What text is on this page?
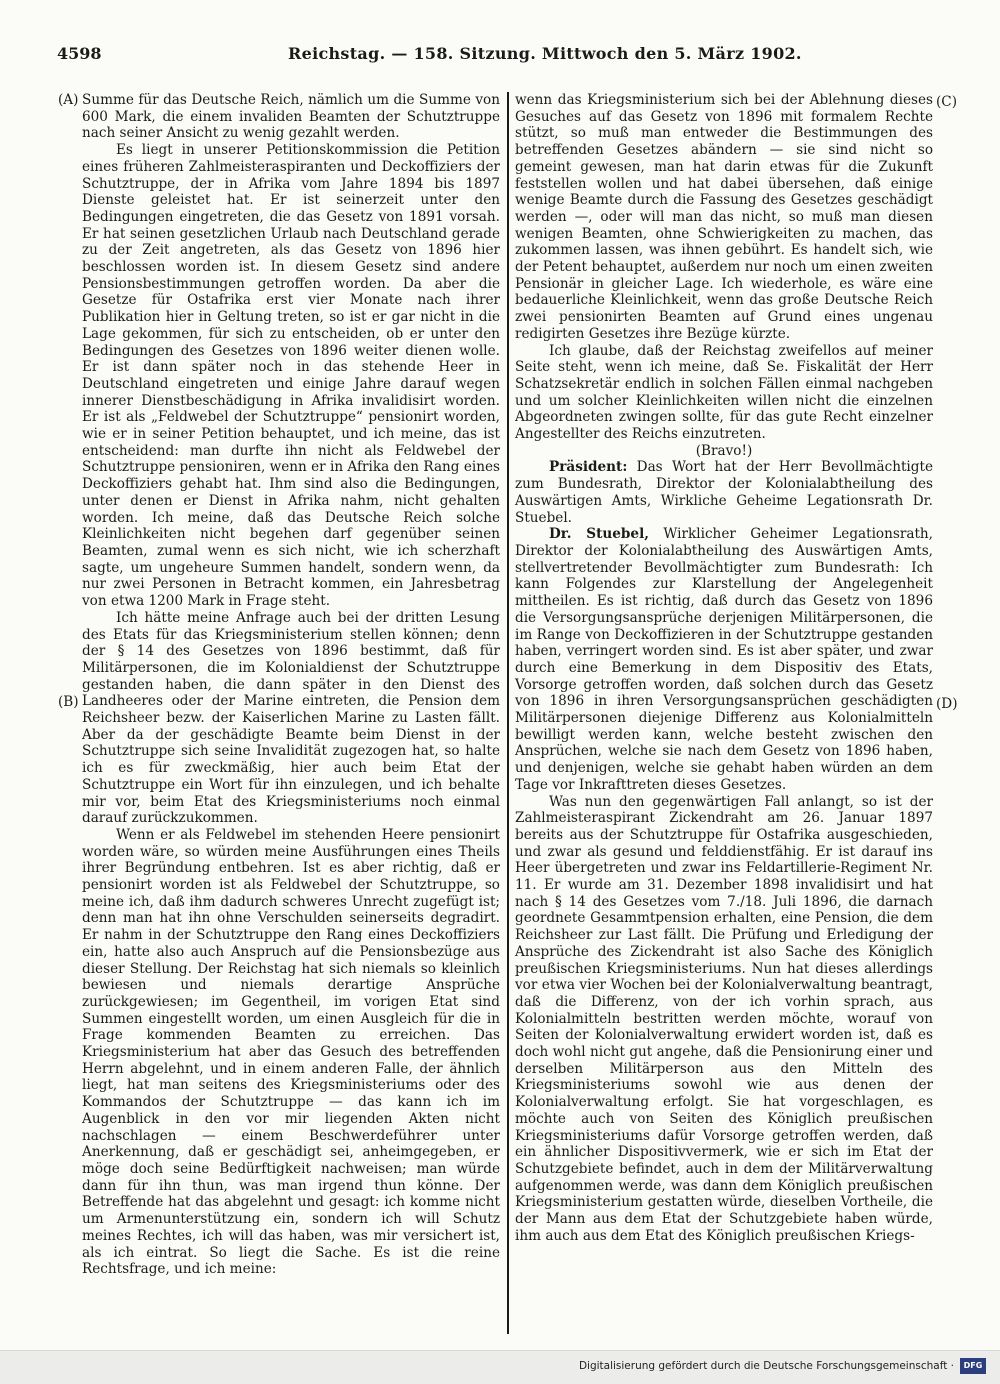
4598	Reichstag. — 158. Sitzung. Mittwoch den 5. März 1902.
(A)
(B)
(C)
(D)

Summe für das Deutsche Reich, nämlich um die Summe von 600 Mark, die einem invaliden Beamten der Schutztruppe nach seiner Ansicht zu wenig gezahlt werden.

Es liegt in unserer Petitionskommission die Petition eines früheren Zahlmeisteraspiranten und Deckoffiziers der Schutztruppe, der in Afrika vom Jahre 1894 bis 1897 Dienste geleistet hat. Er ist seinerzeit unter den Bedingungen eingetreten, die das Gesetz von 1891 vorsah. Er hat seinen gesetzlichen Urlaub nach Deutschland gerade zu der Zeit angetreten, als das Gesetz von 1896 hier beschlossen worden ist. In diesem Gesetz sind andere Pensionsbestimmungen getroffen worden. Da aber die Gesetze für Ostafrika erst vier Monate nach ihrer Publikation hier in Geltung treten, so ist er gar nicht in die Lage gekommen, für sich zu entscheiden, ob er unter den Bedingungen des Gesetzes von 1896 weiter dienen wolle. Er ist dann später noch in das stehende Heer in Deutschland eingetreten und einige Jahre darauf wegen innerer Dienstbeschädigung in Afrika invalidisirt worden. Er ist als „Feldwebel der Schutztruppe“ pensionirt worden, wie er in seiner Petition behauptet, und ich meine, das ist entscheidend: man durfte ihn nicht als Feldwebel der Schutztruppe pensioniren, wenn er in Afrika den Rang eines Deckoffiziers gehabt hat. Ihm sind also die Bedingungen, unter denen er Dienst in Afrika nahm, nicht gehalten worden. Ich meine, daß das Deutsche Reich solche Kleinlichkeiten nicht begehen darf gegenüber seinen Beamten, zumal wenn es sich nicht, wie ich scherzhaft sagte, um ungeheure Summen handelt, sondern wenn, da nur zwei Personen in Betracht kommen, ein Jahresbetrag von etwa 1200 Mark in Frage steht.

Ich hätte meine Anfrage auch bei der dritten Lesung des Etats für das Kriegsministerium stellen können; denn der § 14 des Gesetzes von 1896 bestimmt, daß für Militärpersonen, die im Kolonialdienst der Schutztruppe gestanden haben, die dann später in den Dienst des Landheeres oder der Marine eintreten, die Pension dem Reichsheer bezw. der Kaiserlichen Marine zu Lasten fällt. Aber da der geschädigte Beamte beim Dienst in der Schutztruppe sich seine Invalidität zugezogen hat, so halte ich es für zweckmäßig, hier auch beim Etat der Schutztruppe ein Wort für ihn einzulegen, und ich behalte mir vor, beim Etat des Kriegsministeriums noch einmal darauf zurückzukommen.

Wenn er als Feldwebel im stehenden Heere pensionirt worden wäre, so würden meine Ausführungen eines Theils ihrer Begründung entbehren. Ist es aber richtig, daß er pensionirt worden ist als Feldwebel der Schutztruppe, so meine ich, daß ihm dadurch schweres Unrecht zugefügt ist; denn man hat ihn ohne Verschulden seinerseits degradirt. Er nahm in der Schutztruppe den Rang eines Deckoffiziers ein, hatte also auch Anspruch auf die Pensionsbezüge aus dieser Stellung. Der Reichstag hat sich niemals so kleinlich bewiesen und niemals derartige Ansprüche zurückgewiesen; im Gegentheil, im vorigen Etat sind Summen eingestellt worden, um einen Ausgleich für die in Frage kommenden Beamten zu erreichen. Das Kriegsministerium hat aber das Gesuch des betreffenden Herrn abgelehnt, und in einem anderen Falle, der ähnlich liegt, hat man seitens des Kriegsministeriums oder des Kommandos der Schutztruppe — das kann ich im Augenblick in den vor mir liegenden Akten nicht nachschlagen — einem Beschwerdeführer unter Anerkennung, daß er geschädigt sei, anheimgegeben, er möge doch seine Bedürftigkeit nachweisen; man würde dann für ihn thun, was man irgend thun könne. Der Betreffende hat das abgelehnt und gesagt: ich komme nicht um Armenunterstützung ein, sondern ich will Schutz meines Rechtes, ich will das haben, was mir versichert ist, als ich eintrat. So liegt die Sache. Es ist die reine Rechtsfrage, und ich meine:

wenn das Kriegsministerium sich bei der Ablehnung dieses Gesuches auf das Gesetz von 1896 mit formalem Rechte stützt, so muß man entweder die Bestimmungen des betreffenden Gesetzes abändern — sie sind nicht so gemeint gewesen, man hat darin etwas für die Zukunft feststellen wollen und hat dabei übersehen, daß einige wenige Beamte durch die Fassung des Gesetzes geschädigt werden —, oder will man das nicht, so muß man diesen wenigen Beamten, ohne Schwierigkeiten zu machen, das zukommen lassen, was ihnen gebührt. Es handelt sich, wie der Petent behauptet, außerdem nur noch um einen zweiten Pensionär in gleicher Lage. Ich wiederhole, es wäre eine bedauerliche Kleinlichkeit, wenn das große Deutsche Reich zwei pensionirten Beamten auf Grund eines ungenau redigirten Gesetzes ihre Bezüge kürzte.

Ich glaube, daß der Reichstag zweifellos auf meiner Seite steht, wenn ich meine, daß Se. Fiskalität der Herr Schatzsekretär endlich in solchen Fällen einmal nachgeben und um solcher Kleinlichkeiten willen nicht die einzelnen Abgeordneten zwingen sollte, für das gute Recht einzelner Angestellter des Reichs einzutreten.

(Bravo!)

Präsident: Das Wort hat der Herr Bevollmächtigte zum Bundesrath, Direktor der Kolonialabtheilung des Auswärtigen Amts, Wirkliche Geheime Legationsrath Dr. Stuebel.

Dr. Stuebel, Wirklicher Geheimer Legationsrath, Direktor der Kolonialabtheilung des Auswärtigen Amts, stellvertretender Bevollmächtigter zum Bundesrath: Ich kann Folgendes zur Klarstellung der Angelegenheit mittheilen. Es ist richtig, daß durch das Gesetz von 1896 die Versorgungsansprüche derjenigen Militärpersonen, die im Range von Deckoffizieren in der Schutztruppe gestanden haben, verringert worden sind. Es ist aber später, und zwar durch eine Bemerkung in dem Dispositiv des Etats, Vorsorge getroffen worden, daß solchen durch das Gesetz von 1896 in ihren Versorgungsansprüchen geschädigten Militärpersonen diejenige Differenz aus Kolonialmitteln bewilligt werden kann, welche besteht zwischen den Ansprüchen, welche sie nach dem Gesetz von 1896 haben, und denjenigen, welche sie gehabt haben würden an dem Tage vor Inkrafttreten dieses Gesetzes.

Was nun den gegenwärtigen Fall anlangt, so ist der Zahlmeisteraspirant Zickendraht am 26. Januar 1897 bereits aus der Schutztruppe für Ostafrika ausgeschieden, und zwar als gesund und felddienstfähig. Er ist darauf ins Heer übergetreten und zwar ins Feldartillerie-Regiment Nr. 11. Er wurde am 31. Dezember 1898 invalidisirt und hat nach § 14 des Gesetzes vom 7./18. Juli 1896, die darnach geordnete Gesammtpension erhalten, eine Pension, die dem Reichsheer zur Last fällt. Die Prüfung und Erledigung der Ansprüche des Zickendraht ist also Sache des Königlich preußischen Kriegsministeriums. Nun hat dieses allerdings vor etwa vier Wochen bei der Kolonialverwaltung beantragt, daß die Differenz, von der ich vorhin sprach, aus Kolonialmitteln bestritten werden möchte, worauf von Seiten der Kolonialverwaltung erwidert worden ist, daß es doch wohl nicht gut angehe, daß die Pensionirung einer und derselben Militärperson aus den Mitteln des Kriegsministeriums sowohl wie aus denen der Kolonialverwaltung erfolgt. Sie hat vorgeschlagen, es möchte auch von Seiten des Königlich preußischen Kriegsministeriums dafür Vorsorge getroffen werden, daß ein ähnlicher Dispositivvermerk, wie er sich im Etat der Schutzgebiete befindet, auch in dem der Militärverwaltung aufgenommen werde, was dann dem Königlich preußischen Kriegsministerium gestatten würde, dieselben Vortheile, die der Mann aus dem Etat der Schutzgebiete haben würde, ihm auch aus dem Etat des Königlich preußischen Kriegs-

Digitalisierung gefördert durch die Deutsche Forschungsgemeinschaft ·	DFG
